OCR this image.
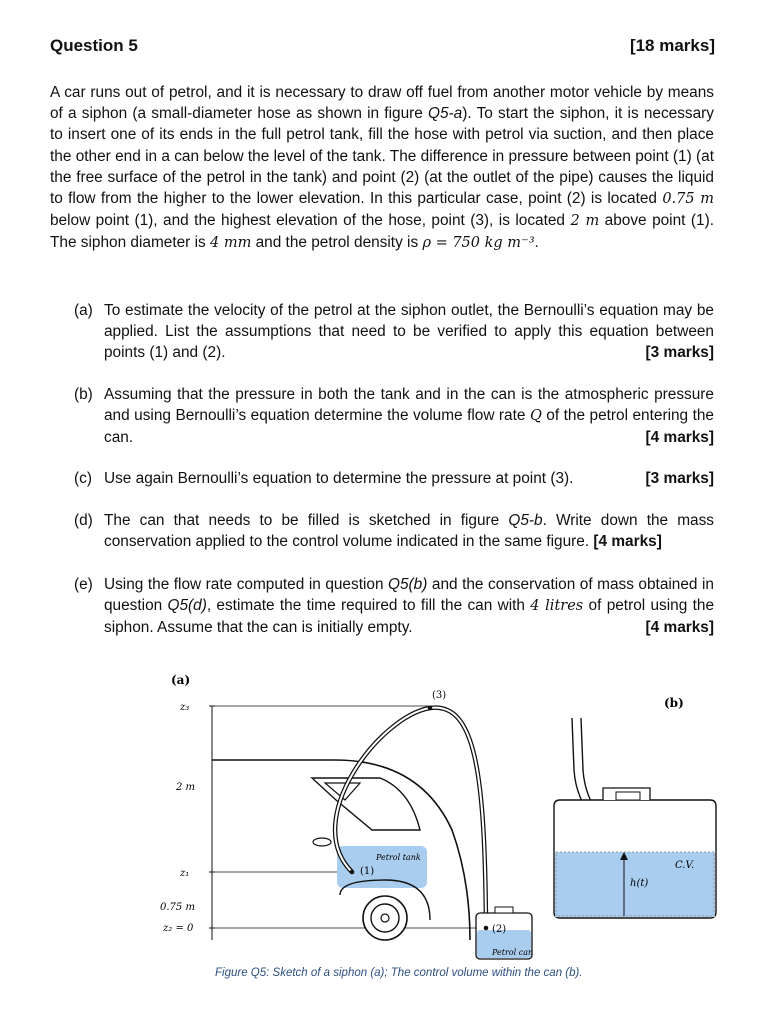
Question 5	[18 marks]

A car runs out of petrol, and it is necessary to draw off fuel from another motor vehicle by means of a siphon (a small-diameter hose as shown in figure Q5-a). To start the siphon, it is necessary to insert one of its ends in the full petrol tank, fill the hose with petrol via suction, and then place the other end in a can below the level of the tank. The difference in pressure between point (1) (at the free surface of the petrol in the tank) and point (2) (at the outlet of the pipe) causes the liquid to flow from the higher to the lower elevation. In this particular case, point (2) is located 0.75 m below point (1), and the highest elevation of the hose, point (3), is located 2 m above point (1). The siphon diameter is 4 mm and the petrol density is ρ = 750 kg m⁻³.

(a) To estimate the velocity of the petrol at the siphon outlet, the Bernoulli’s equation may be applied. List the assumptions that need to be verified to apply this equation between points (1) and (2).	[3 marks]
(b) Assuming that the pressure in both the tank and in the can is the atmospheric pressure and using Bernoulli’s equation determine the volume flow rate Q of the petrol entering the can.	[4 marks]
(c) Use again Bernoulli’s equation to determine the pressure at point (3).	[3 marks]
(d) The can that needs to be filled is sketched in figure Q5-b. Write down the mass conservation applied to the control volume indicated in the same figure. [4 marks]
(e) Using the flow rate computed in question Q5(b) and the conservation of mass obtained in question Q5(d), estimate the time required to fill the can with 4 litres of petrol using the siphon. Assume that the can is initially empty.	[4 marks]
(a)
z₃
2 m
z₁
0.75 m
z₂ = 0
Petrol tank
(3)
(1)
(2)
Petrol can
(b)
h(t)
C.V.
Figure Q5: Sketch of a siphon (a); The control volume within the can (b).
